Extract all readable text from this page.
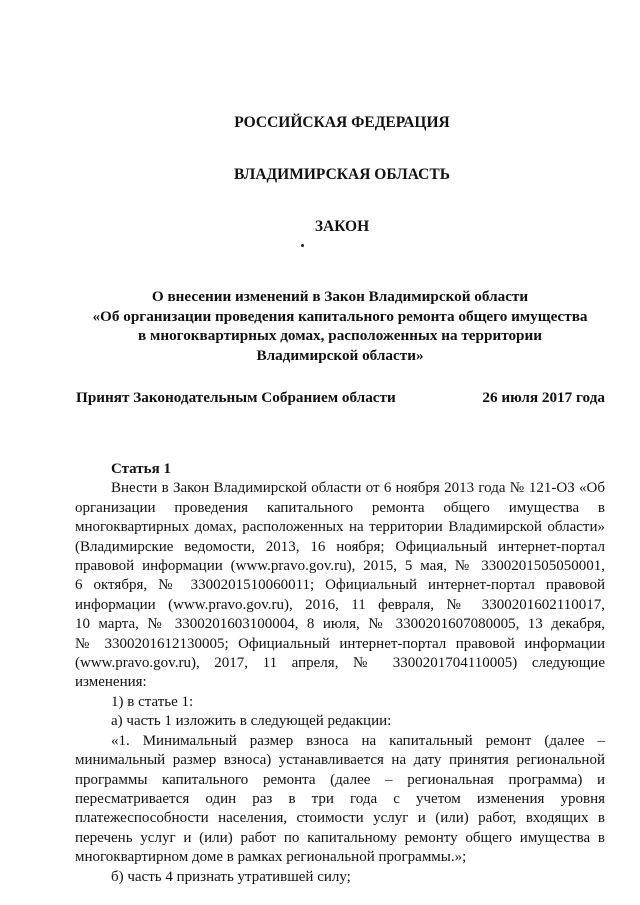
РОССИЙСКАЯ ФЕДЕРАЦИЯ
ВЛАДИМИРСКАЯ ОБЛАСТЬ
ЗАКОН
О внесении изменений в Закон Владимирской области
«Об организации проведения капитального ремонта общего имущества
в многоквартирных домах, расположенных на территории
Владимирской области»
Принят Законодательным Собранием области	26 июля 2017 года
Статья 1
Внести в Закон Владимирской области от 6 ноября 2013 года № 121-ОЗ «Об
организации проведения капитального ремонта общего имущества в
многоквартирных домах, расположенных на территории Владимирской области»
(Владимирские ведомости, 2013, 16 ноября; Официальный интернет-портал
правовой информации (www.pravo.gov.ru), 2015, 5 мая, № 3300201505050001,
6 октября, № 3300201510060011; Официальный интернет-портал правовой
информации (www.pravo.gov.ru), 2016, 11 февраля, № 3300201602110017,
10 марта, № 3300201603100004, 8 июля, № 3300201607080005, 13 декабря,
№ 3300201612130005; Официальный интернет-портал правовой информации
(www.pravo.gov.ru), 2017, 11 апреля, № 3300201704110005) следующие
изменения:
1) в статье 1:
а) часть 1 изложить в следующей редакции:
«1. Минимальный размер взноса на капитальный ремонт (далее –
минимальный размер взноса) устанавливается на дату принятия региональной
программы капитального ремонта (далее – региональная программа) и
пересматривается один раз в три года с учетом изменения уровня
платежеспособности населения, стоимости услуг и (или) работ, входящих в
перечень услуг и (или) работ по капитальному ремонту общего имущества в
многоквартирном доме в рамках региональной программы.»;
б) часть 4 признать утратившей силу;
